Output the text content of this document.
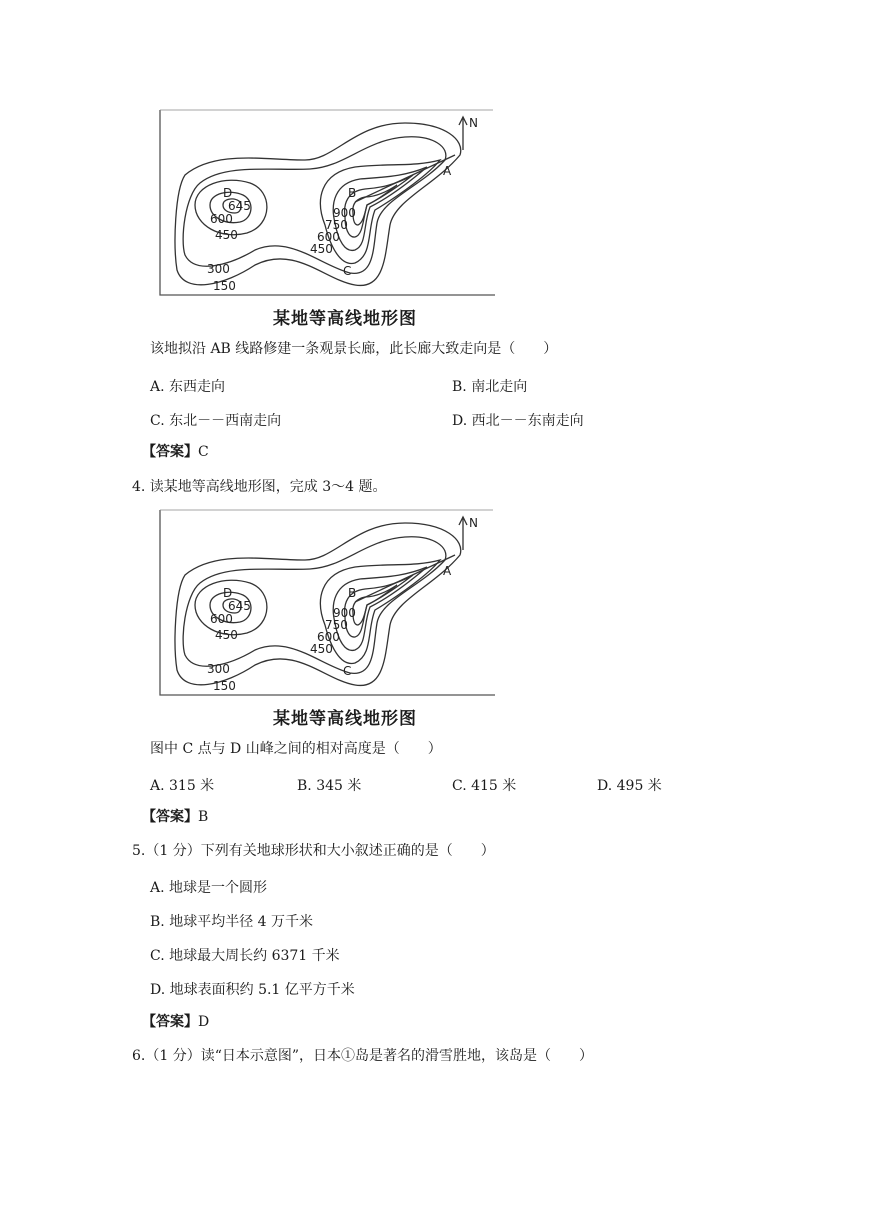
N
A
B
C
D
645
600
450
900
750
600
450
300
150
某地等高线地形图
该地拟沿 AB 线路修建一条观景长廊，此长廊大致走向是（　　）
A. 东西走向	B. 南北走向
C. 东北－－西南走向	D. 西北－－东南走向
【答案】C
4. 读某地等高线地形图，完成 3～4 题。
N
A
B
C
D
645
600
450
900
750
600
450
300
150
某地等高线地形图
图中 C 点与 D 山峰之间的相对高度是（　　）
A. 315 米	B. 345 米	C. 415 米	D. 495 米
【答案】B
5.（1 分）下列有关地球形状和大小叙述正确的是（　　）
A. 地球是一个圆形
B. 地球平均半径 4 万千米
C. 地球最大周长约 6371 千米
D. 地球表面积约 5.1 亿平方千米
【答案】D
6.（1 分）读“日本示意图”，日本①岛是著名的滑雪胜地，该岛是（　　）
